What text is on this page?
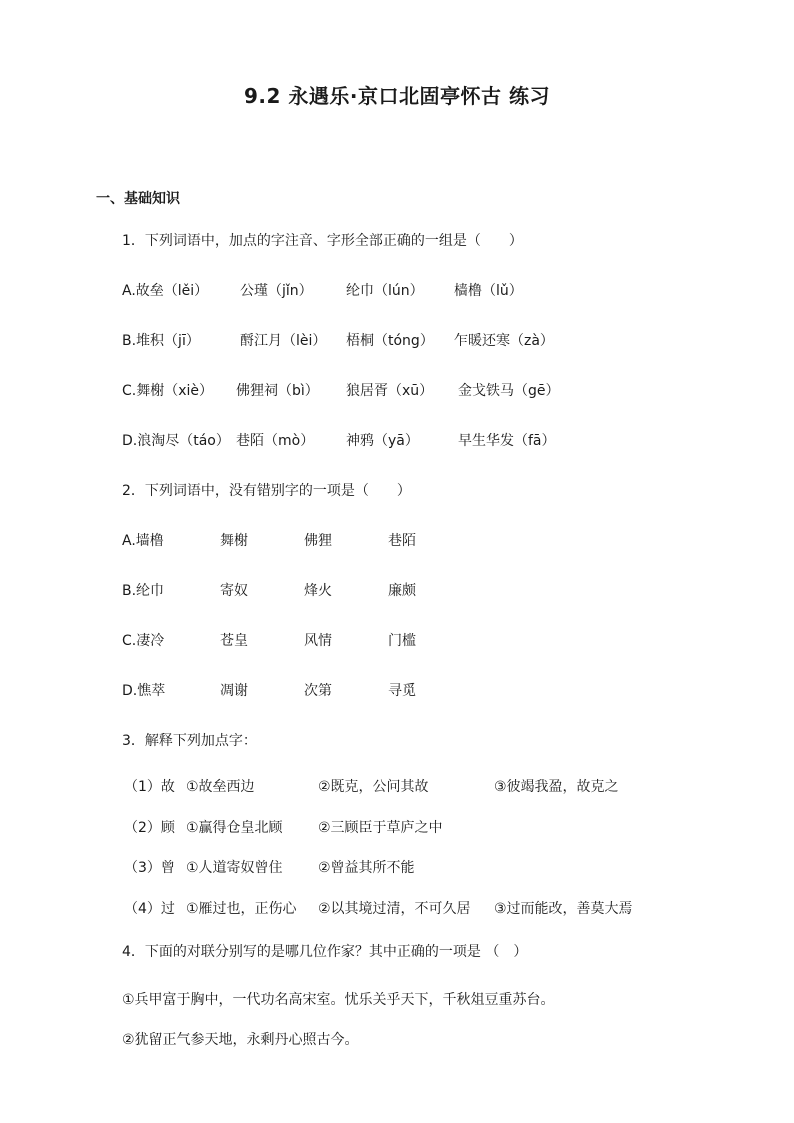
9.2 永遇乐·京口北固亭怀古 练习
一、基础知识
1．下列词语中，加点的字注音、字形全部正确的一组是（　　）
A.故垒（lěi） 公瑾（jǐn） 纶巾（lún） 樯橹（lǔ）
B.堆积（jī）	酹江月（lèi） 梧桐（tóng） 乍暖还寒（zà）
C.舞榭（xiè） 佛狸祠（bì） 狼居胥（xū） 金戈铁马（gē）
D.浪淘尽（táo） 巷陌（mò） 神鸦（yā）	早生华发（fā）
2．下列词语中，没有错别字的一项是（　　）
A.墙橹	舞榭	佛狸	巷陌
B.纶巾	寄奴	烽火	廉颇
C.凄冷	苍皇	风情	门槛
D.憔萃	凋谢	次第	寻觅
3．解释下列加点字：
（1）故 ①故垒西边	②既克，公问其故	③彼竭我盈，故克之
（2）顾 ①赢得仓皇北顾	②三顾臣于草庐之中
（3）曾 ①人道寄奴曾住	②曾益其所不能
（4）过 ①雁过也，正伤心 ②以其境过清，不可久居 ③过而能改，善莫大焉
4．下面的对联分别写的是哪几位作家？其中正确的一项是 （　）
①兵甲富于胸中，一代功名高宋室。忧乐关乎天下，千秋俎豆重苏台。
②犹留正气参天地，永剩丹心照古今。
